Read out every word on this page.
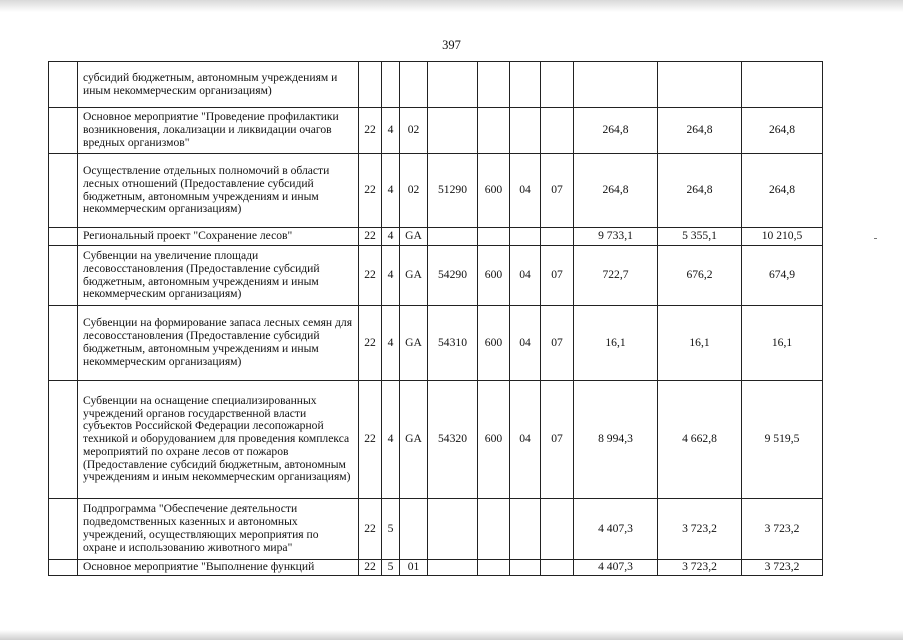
397
	субсидий бюджетным, автономным учреждениям и иным некоммерческим организациям)										
	Основное мероприятие "Проведение профилактики возникновения, локализации и ликвидации очагов вредных организмов"	22	4	02					264,8	264,8	264,8
	Осуществление отдельных полномочий в области лесных отношений (Предоставление субсидий бюджетным, автономным учреждениям и иным некоммерческим организациям)	22	4	02	51290	600	04	07	264,8	264,8	264,8
	Региональный проект "Сохранение лесов"	22	4	GA					9 733,1	5 355,1	10 210,5
	Субвенции на увеличение площади лесовосстановления (Предоставление субсидий бюджетным, автономным учреждениям и иным некоммерческим организациям)	22	4	GA	54290	600	04	07	722,7	676,2	674,9
	Субвенции на формирование запаса лесных семян для лесовосстановления (Предоставление субсидий бюджетным, автономным учреждениям и иным некоммерческим организациям)	22	4	GA	54310	600	04	07	16,1	16,1	16,1
	Субвенции на оснащение специализированных учреждений органов государственной власти субъектов Российской Федерации лесопожарной техникой и оборудованием для проведения комплекса мероприятий по охране лесов от пожаров (Предоставление субсидий бюджетным, автономным учреждениям и иным некоммерческим организациям)	22	4	GA	54320	600	04	07	8 994,3	4 662,8	9 519,5
	Подпрограмма "Обеспечение деятельности подведомственных казенных и автономных учреждений, осуществляющих мероприятия по охране и использованию животного мира"	22	5						4 407,3	3 723,2	3 723,2
	Основное мероприятие "Выполнение функций	22	5	01					4 407,3	3 723,2	3 723,2
